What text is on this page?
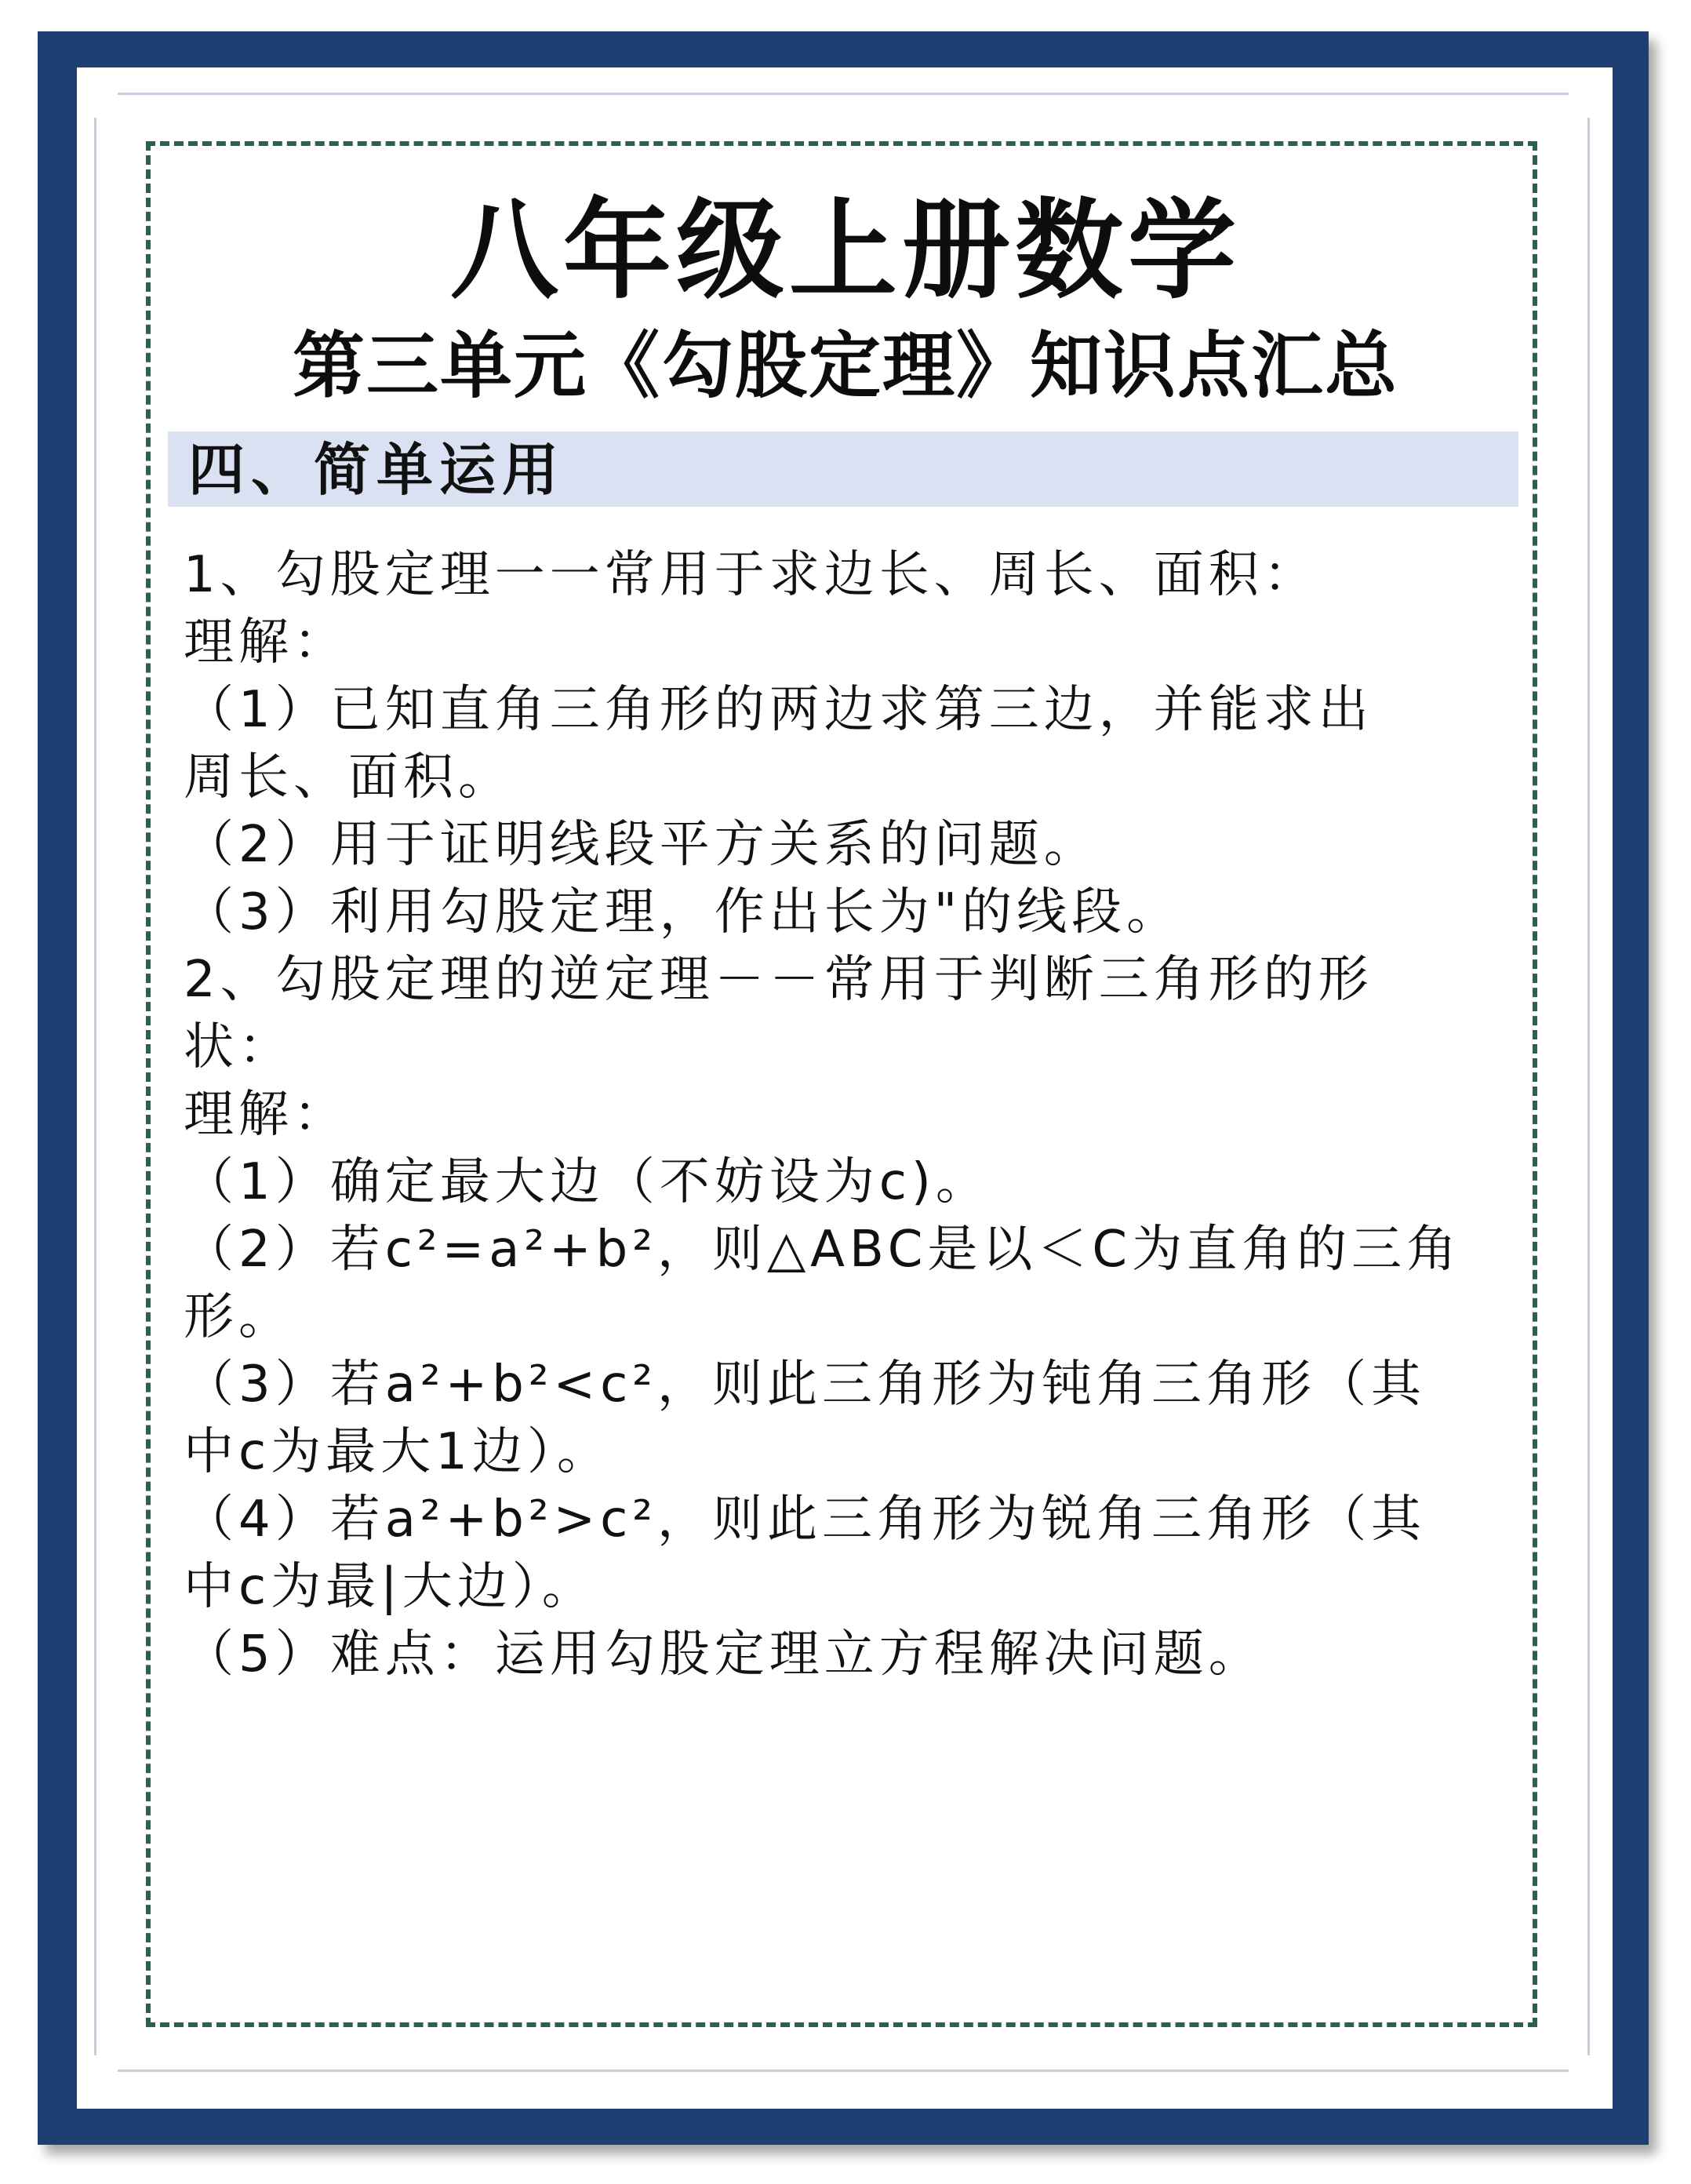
八年级上册数学
第三单元《勾股定理》知识点汇总
四、简单运用
1、勾股定理一一常用于求边长、周长、面积：
理解：
（1）已知直角三角形的两边求第三边，并能求出
周长、面积。
（2）用于证明线段平方关系的问题。
（3）利用勾股定理，作出长为"的线段。
2、勾股定理的逆定理－－常用于判断三角形的形
状：
理解：
（1）确定最大边（不妨设为c)。
（2）若c²=a²+b²，则△ABC是以＜C为直角的三角
形。
（3）若a²+b²<c²，则此三角形为钝角三角形（其
中c为最大1边）。
（4）若a²+b²>c²，则此三角形为锐角三角形（其
中c为最|大边）。
（5）难点：运用勾股定理立方程解决问题。
